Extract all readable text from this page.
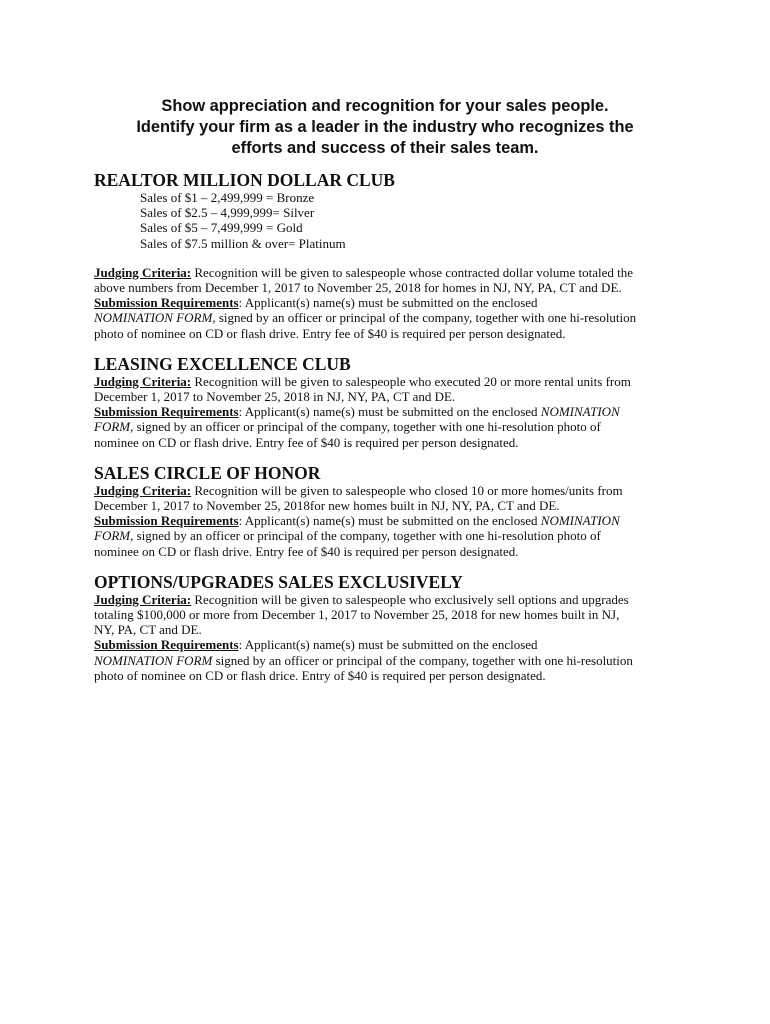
Show appreciation and recognition for your sales people.
Identify your firm as a leader in the industry who recognizes the
efforts and success of their sales team.
REALTOR MILLION DOLLAR CLUB
Sales of $1 – 2,499,999 = Bronze
Sales of $2.5 – 4,999,999= Silver
Sales of $5 – 7,499,999 = Gold
Sales of $7.5 million & over= Platinum
Judging Criteria: Recognition will be given to salespeople whose contracted dollar volume totaled the
above numbers from December 1, 2017 to November 25, 2018 for homes in NJ, NY, PA, CT and DE.
Submission Requirements: Applicant(s) name(s) must be submitted on the enclosed
NOMINATION FORM, signed by an officer or principal of the company, together with one hi-resolution
photo of nominee on CD or flash drive. Entry fee of $40 is required per person designated.
LEASING EXCELLENCE CLUB
Judging Criteria: Recognition will be given to salespeople who executed 20 or more rental units from
December 1, 2017 to November 25, 2018 in NJ, NY, PA, CT and DE.
Submission Requirements: Applicant(s) name(s) must be submitted on the enclosed NOMINATION
FORM, signed by an officer or principal of the company, together with one hi-resolution photo of
nominee on CD or flash drive. Entry fee of $40 is required per person designated.
SALES CIRCLE OF HONOR
Judging Criteria: Recognition will be given to salespeople who closed 10 or more homes/units from
December 1, 2017 to November 25, 2018for new homes built in NJ, NY, PA, CT and DE.
Submission Requirements: Applicant(s) name(s) must be submitted on the enclosed NOMINATION
FORM, signed by an officer or principal of the company, together with one hi-resolution photo of
nominee on CD or flash drive. Entry fee of $40 is required per person designated.
OPTIONS/UPGRADES SALES EXCLUSIVELY
Judging Criteria: Recognition will be given to salespeople who exclusively sell options and upgrades
totaling $100,000 or more from December 1, 2017 to November 25, 2018 for new homes built in NJ,
NY, PA, CT and DE.
Submission Requirements: Applicant(s) name(s) must be submitted on the enclosed
NOMINATION FORM signed by an officer or principal of the company, together with one hi-resolution
photo of nominee on CD or flash drice. Entry of $40 is required per person designated.
